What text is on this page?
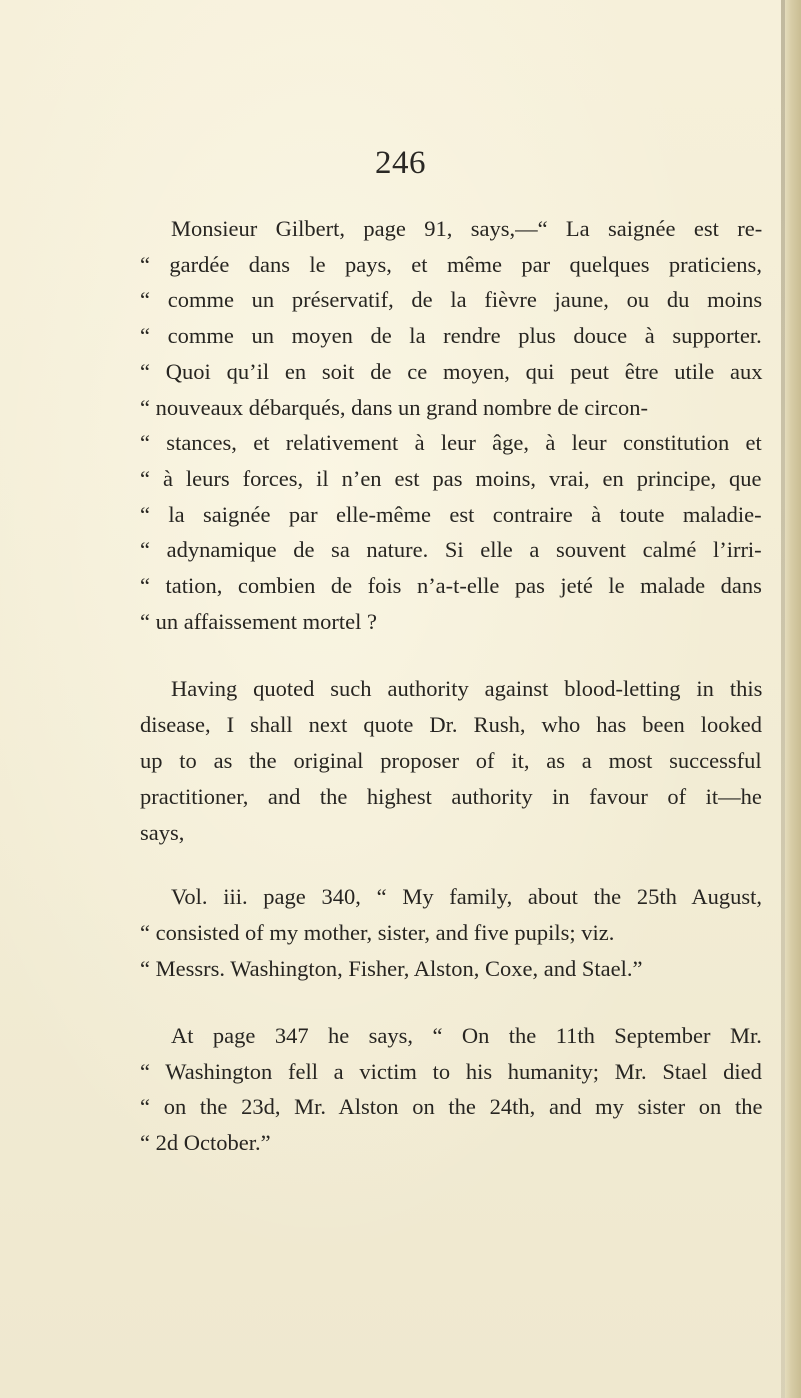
246
Monsieur Gilbert, page 91, says,—“ La saignée est re-
“ gardée dans le pays, et même par quelques praticiens,
“ comme un préservatif, de la fièvre jaune, ou du moins
“ comme un moyen de la rendre plus douce à supporter.
“ Quoi qu’il en soit de ce moyen, qui peut être utile aux
“ nouveaux débarqués, dans un grand nombre de circon-
“ stances, et relativement à leur âge, à leur constitution et
“ à leurs forces, il n’en est pas moins, vrai, en principe, que
“ la saignée par elle-même est contraire à toute maladie-
“ adynamique de sa nature. Si elle a souvent calmé l’irri-
“ tation, combien de fois n’a-t-elle pas jeté le malade dans
“ un affaissement mortel ?
Having quoted such authority against blood-letting in this
disease, I shall next quote Dr. Rush, who has been looked
up to as the original proposer of it, as a most successful
practitioner, and the highest authority in favour of it—he
says,
Vol. iii. page 340, “ My family, about the 25th August,
“ consisted of my mother, sister, and five pupils; viz.
“ Messrs. Washington, Fisher, Alston, Coxe, and Stael.”
At page 347 he says, “ On the 11th September Mr.
“ Washington fell a victim to his humanity; Mr. Stael died
“ on the 23d, Mr. Alston on the 24th, and my sister on the
“ 2d October.”
